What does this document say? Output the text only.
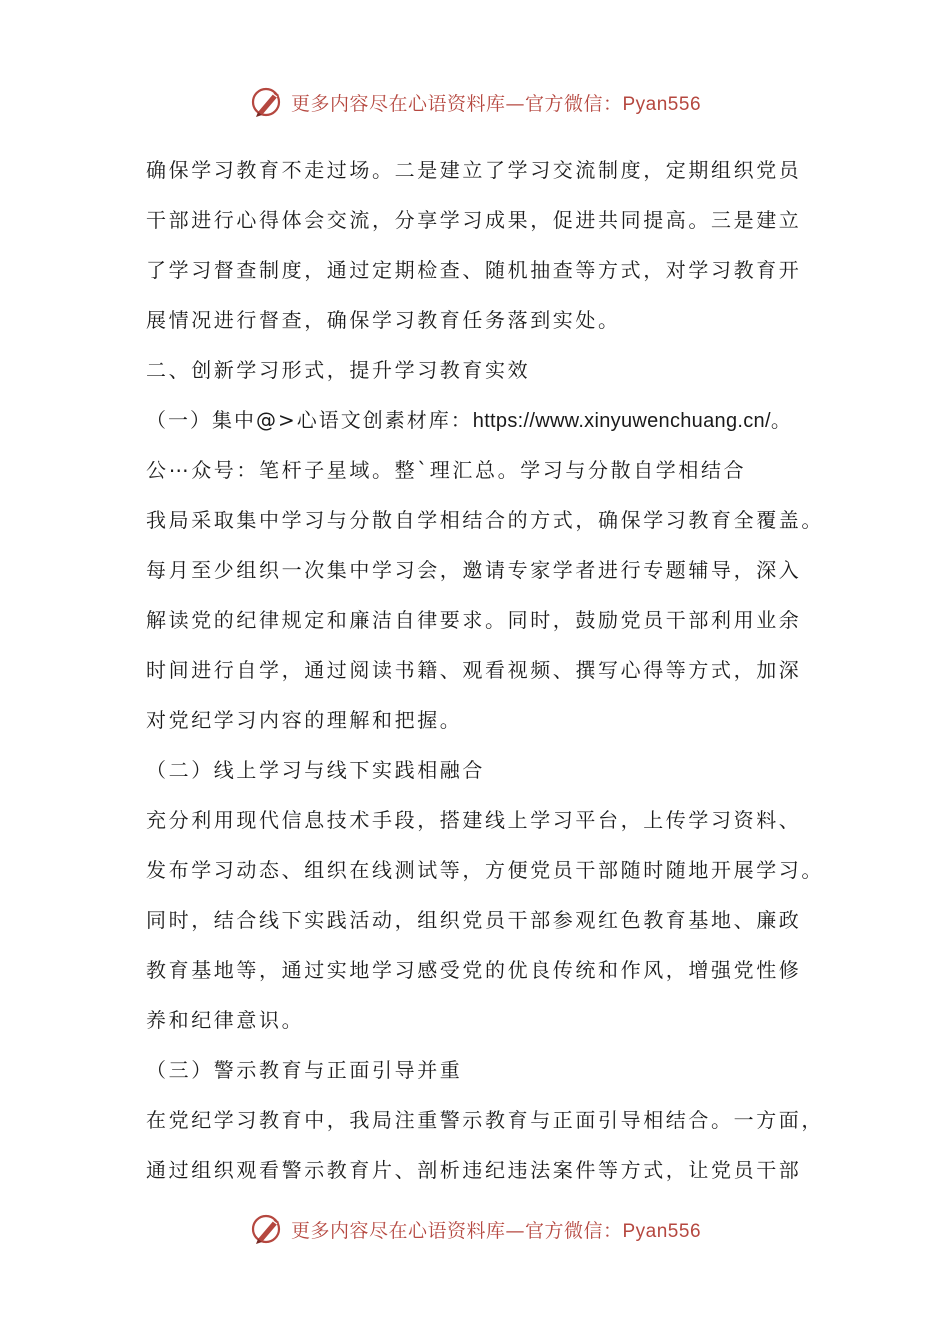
更多内容尽在心语资料库—官方微信：Pyan556
确保学习教育不走过场。二是建立了学习交流制度，定期组织党员
干部进行心得体会交流，分享学习成果，促进共同提高。三是建立
了学习督查制度，通过定期检查、随机抽查等方式，对学习教育开
展情况进行督查，确保学习教育任务落到实处。
二、创新学习形式，提升学习教育实效
（一）集中@>心语文创素材库：https://www.xinyuwenchuang.cn/。
公⋯众号：笔杆子星域。整`理汇总。学习与分散自学相结合
我局采取集中学习与分散自学相结合的方式，确保学习教育全覆盖。
每月至少组织一次集中学习会，邀请专家学者进行专题辅导，深入
解读党的纪律规定和廉洁自律要求。同时，鼓励党员干部利用业余
时间进行自学，通过阅读书籍、观看视频、撰写心得等方式，加深
对党纪学习内容的理解和把握。
（二）线上学习与线下实践相融合
充分利用现代信息技术手段，搭建线上学习平台，上传学习资料、
发布学习动态、组织在线测试等，方便党员干部随时随地开展学习。
同时，结合线下实践活动，组织党员干部参观红色教育基地、廉政
教育基地等，通过实地学习感受党的优良传统和作风，增强党性修
养和纪律意识。
（三）警示教育与正面引导并重
在党纪学习教育中，我局注重警示教育与正面引导相结合。一方面，
通过组织观看警示教育片、剖析违纪违法案件等方式，让党员干部
更多内容尽在心语资料库—官方微信：Pyan556
